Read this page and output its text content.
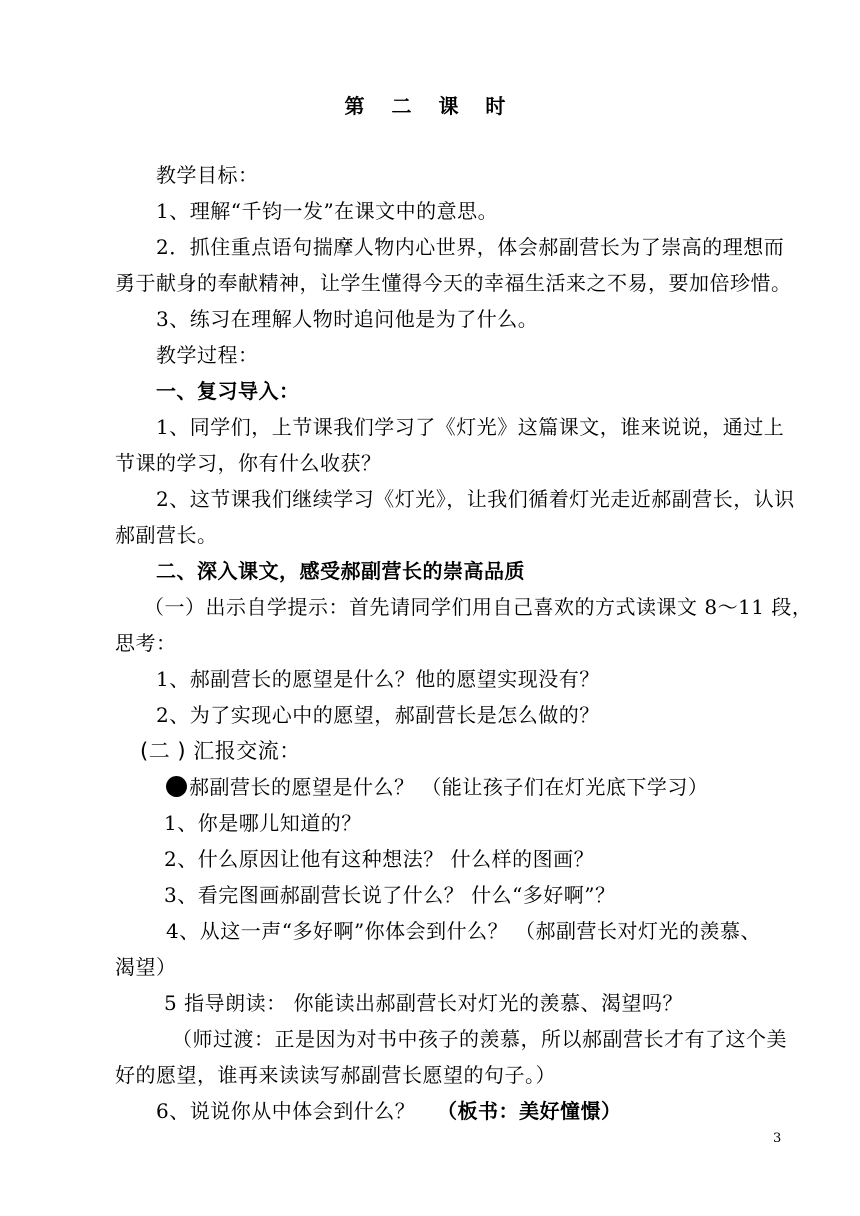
第 二 课 时
教学目标：
1、理解“千钧一发”在课文中的意思。
2．抓住重点语句揣摩人物内心世界，体会郝副营长为了崇高的理想而
勇于献身的奉献精神，让学生懂得今天的幸福生活来之不易，要加倍珍惜。
3、练习在理解人物时追问他是为了什么。
教学过程：
一、复习导入：
1、同学们，上节课我们学习了《灯光》这篇课文，谁来说说，通过上
节课的学习，你有什么收获？
2、这节课我们继续学习《灯光》，让我们循着灯光走近郝副营长，认识
郝副营长。
二、深入课文，感受郝副营长的崇高品质
（一）出示自学提示：首先请同学们用自己喜欢的方式读课文 8～11 段，
思考：
1、郝副营长的愿望是什么？他的愿望实现没有？
2、为了实现心中的愿望，郝副营长是怎么做的？
(二 ) 汇报交流：
郝副营长的愿望是什么？ （能让孩子们在灯光底下学习）
1、你是哪儿知道的？
2、什么原因让他有这种想法？ 什么样的图画？
3、看完图画郝副营长说了什么？ 什么“多好啊”？
4、从这一声“多好啊”你体会到什么？ （郝副营长对灯光的羡慕、
渴望）
5 指导朗读： 你能读出郝副营长对灯光的羡慕、渴望吗？
（师过渡：正是因为对书中孩子的羡慕，所以郝副营长才有了这个美
好的愿望，谁再来读读写郝副营长愿望的句子。）
6、说说你从中体会到什么？ （板书：美好憧憬）
3
